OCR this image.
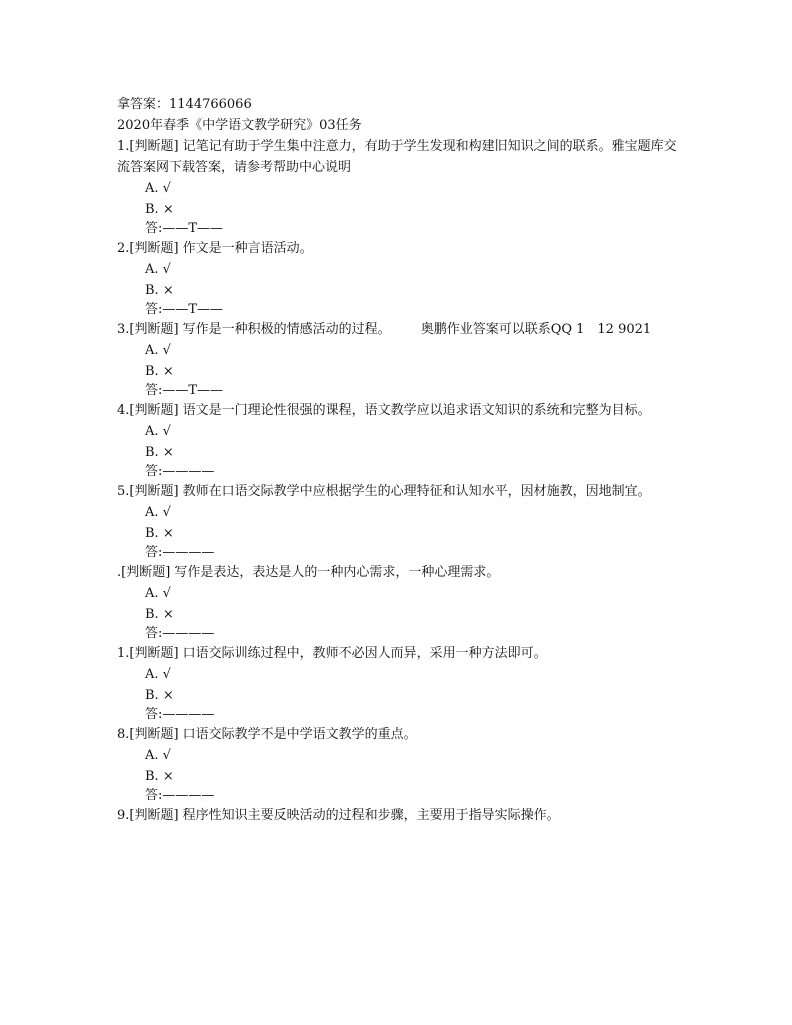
拿答案：1144766066
2020年春季《中学语文教学研究》03任务
1.[判断题] 记笔记有助于学生集中注意力，有助于学生发现和构建旧知识之间的联系。雅宝题库交流答案网下载答案，请参考帮助中心说明
A. √
B. ×
答:——T——
2.[判断题] 作文是一种言语活动。
A. √
B. ×
答:——T——
3.[判断题] 写作是一种积极的情感活动的过程。 奥鹏作业答案可以联系QQ 1　12 9021
A. √
B. ×
答:——T——
4.[判断题] 语文是一门理论性很强的课程，语文教学应以追求语文知识的系统和完整为目标。
A. √
B. ×
答:————
5.[判断题] 教师在口语交际教学中应根据学生的心理特征和认知水平，因材施教，因地制宜。
A. √
B. ×
答:————
.[判断题] 写作是表达，表达是人的一种内心需求，一种心理需求。
A. √
B. ×
答:————
1.[判断题] 口语交际训练过程中，教师不必因人而异，采用一种方法即可。
A. √
B. ×
答:————
8.[判断题] 口语交际教学不是中学语文教学的重点。
A. √
B. ×
答:————
9.[判断题] 程序性知识主要反映活动的过程和步骤，主要用于指导实际操作。
